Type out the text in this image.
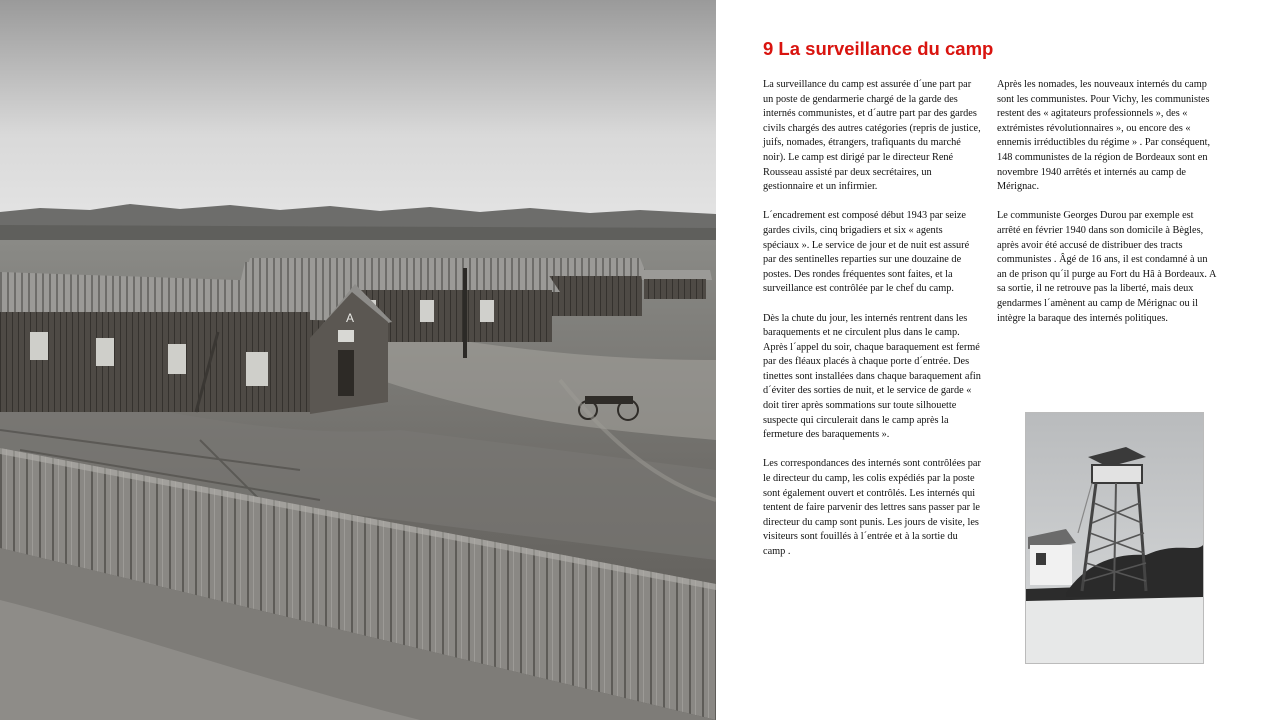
A
9 La surveillance du camp

La surveillance du camp est assurée d´une part par un poste de gendarmerie chargé de la garde des internés communistes, et d´autre part par des gardes civils chargés des autres catégories (repris de justice, juifs, nomades, étrangers, trafiquants du marché noir). Le camp est dirigé par le directeur René Rousseau assisté par deux secrétaires, un gestionnaire et un infirmier.

L´encadrement est composé début 1943 par seize gardes civils, cinq brigadiers et six « agents spéciaux ». Le service de jour et de nuit est assuré par des sentinelles reparties sur une douzaine de postes. Des rondes fréquentes sont faites, et la surveillance est contrôlée par le chef du camp.

Dès la chute du jour, les internés rentrent dans les baraquements et ne circulent plus dans le camp. Après l´appel du soir, chaque baraquement est fermé par des fléaux placés à chaque porte d´entrée. Des tinettes sont installées dans chaque baraquement afin d´éviter des sorties de nuit, et le service de garde « doit tirer après sommations sur toute silhouette suspecte qui circulerait dans le camp après la fermeture des baraquements ».

Les correspondances des internés sont contrôlées par le directeur du camp, les colis expédiés par la poste sont également ouvert et contrôlés. Les internés qui tentent de faire parvenir des lettres sans passer par le directeur du camp sont punis. Les jours de visite, les visiteurs sont fouillés à l´entrée et à la sortie du camp .

Après les nomades, les nouveaux internés du camp sont les communistes. Pour Vichy, les communistes restent des « agitateurs professionnels », des « extrémistes révolutionnaires », ou encore des « ennemis irréductibles du régime » . Par conséquent, 148 communistes de la région de Bordeaux sont en novembre 1940 arrêtés et internés au camp de Mérignac.

Le communiste Georges Durou par exemple est arrêté en février 1940 dans son domicile à Bègles, après avoir été accusé de distribuer des tracts communistes . Âgé de 16 ans, il est condamné à un an de prison qu´il purge au Fort du Hâ à Bordeaux. A sa sortie, il ne retrouve pas la liberté, mais deux gendarmes l´amènent au camp de Mérignac ou il intègre la baraque des internés politiques.
